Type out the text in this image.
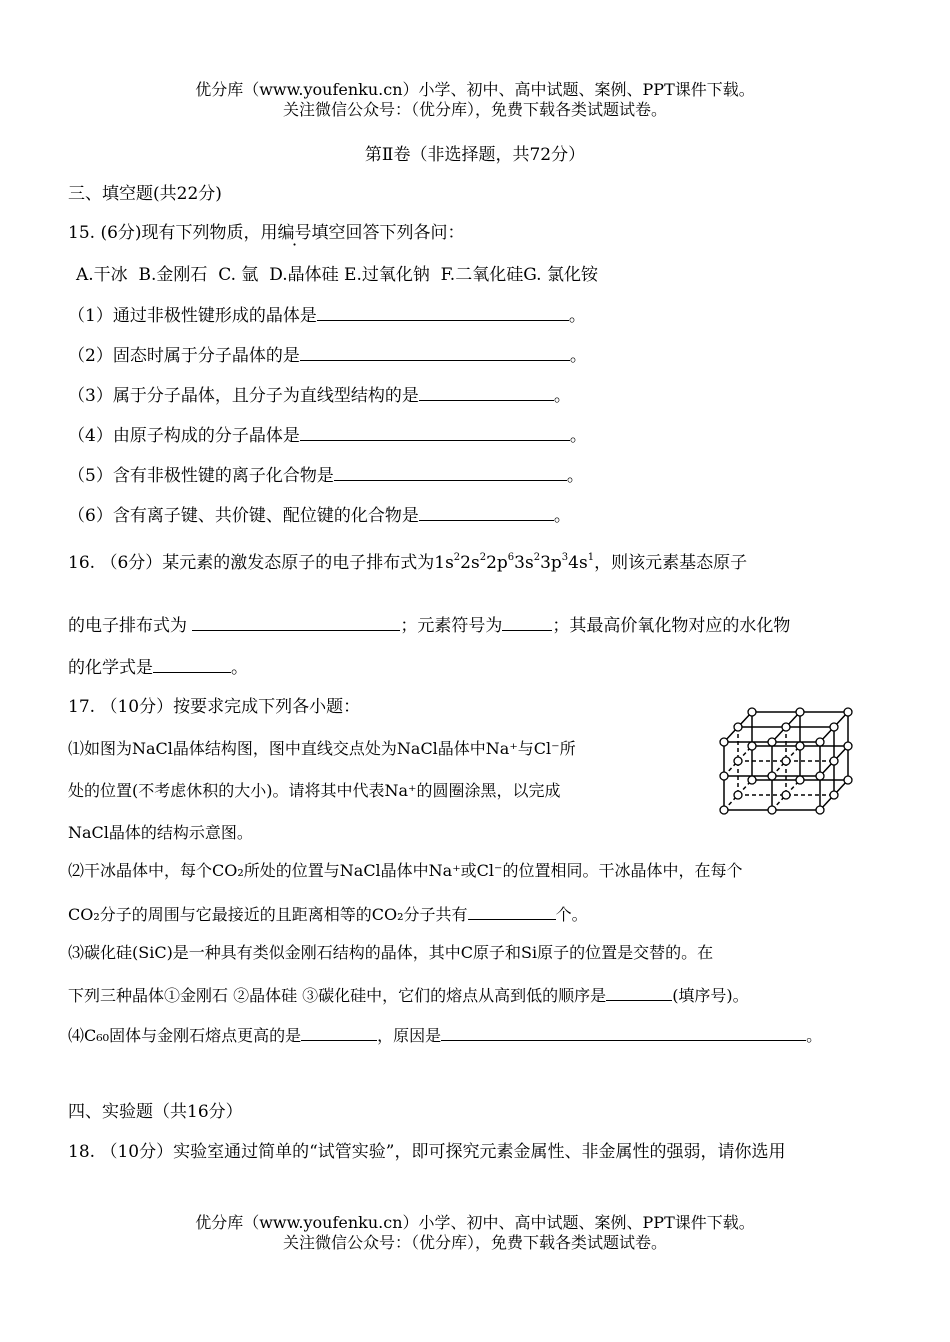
优分库（www.youfenku.cn）小学、初中、高中试题、案例、PPT课件下载。
关注微信公众号：（优分库），免费下载各类试题试卷。
第Ⅱ卷（非选择题，共72分）
三、填空题(共22分)
15. (6分)现有下列物质，用编号填空回答下列各问：
A.干冰  B.金刚石  C. 氩  D.晶体硅 E.过氧化钠  F.二氧化硅G. 氯化铵
（1）通过非极性键形成的晶体是	。
（2）固态时属于分子晶体的是	。
（3）属于分子晶体，且分子为直线型结构的是	。
（4）由原子构成的分子晶体是	。
（5）含有非极性键的离子化合物是	。
（6）含有离子键、共价键、配位键的化合物是	。
16. （6分）某元素的激发态原子的电子排布式为$1s^22s^22p^63s^23p^34s^1$，则该元素基态原子
的电子排布式为	；元素符号为	；其最高价氧化物对应的水化物
的化学式是	。
17. （10分）按要求完成下列各小题：
⑴如图为NaCl晶体结构图，图中直线交点处为NaCl晶体中Na⁺与Cl⁻所
处的位置(不考虑休积的大小)。请将其中代表Na⁺的圆圈涂黑，以完成
NaCl晶体的结构示意图。
⑵干冰晶体中，每个CO₂所处的位置与NaCl晶体中Na⁺或Cl⁻的位置相同。干冰晶体中，在每个
CO₂分子的周围与它最接近的且距离相等的CO₂分子共有	个。
⑶碳化硅(SiC)是一种具有类似金刚石结构的晶体，其中C原子和Si原子的位置是交替的。在
下列三种晶体①金刚石 ②晶体硅 ③碳化硅中，它们的熔点从高到低的顺序是	(填序号)。
⑷C₆₀固体与金刚石熔点更高的是	，原因是	。
四、实验题（共16分）
18. （10分）实验室通过简单的“试管实验”，即可探究元素金属性、非金属性的强弱，请你选用
优分库（www.youfenku.cn）小学、初中、高中试题、案例、PPT课件下载。
关注微信公众号：（优分库），免费下载各类试题试卷。
